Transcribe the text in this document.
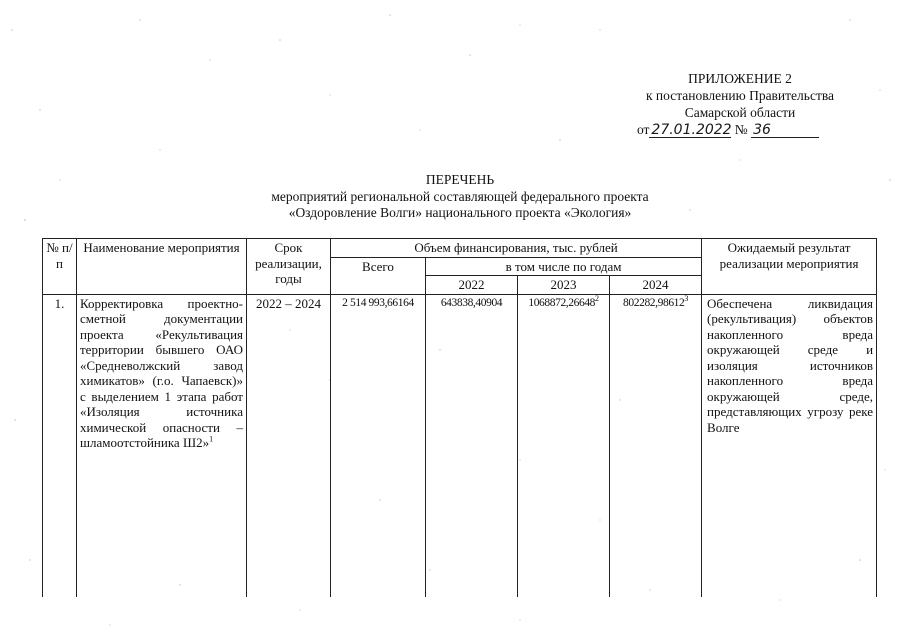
ПРИЛОЖЕНИЕ 2
к постановлению Правительства
Самарской области
от 27.01.2022 № 36
ПЕРЕЧЕНЬ
мероприятий региональной составляющей федерального проекта
«Оздоровление Волги» национального проекта «Экология»
№ п/п	Наименование мероприятия	Срок реализации, годы	Объем финансирования, тыс. рублей				Ожидаемый результат реализации мероприятия
			Всего	в том числе по годам			
				2022	2023	2024	
1.	Корректировка проектно-сметной документации проекта «Рекультивация территории бывшего ОАО «Средневолжский завод химикатов» (г.о. Чапаевск)» с выделением 1 этапа работ «Изоляция источника химической опасности – шламоотстойника Ш2»$^1$	2022 – 2024	2 514 993,66164	643838,40904	1068872,26648$^2$	802282,98612$^3$	Обеспечена ликвидация (рекультивация) объектов накопленного вреда окружающей среде и изоляция источников накопленного вреда окружающей среде, представляющих угрозу реке Волге
